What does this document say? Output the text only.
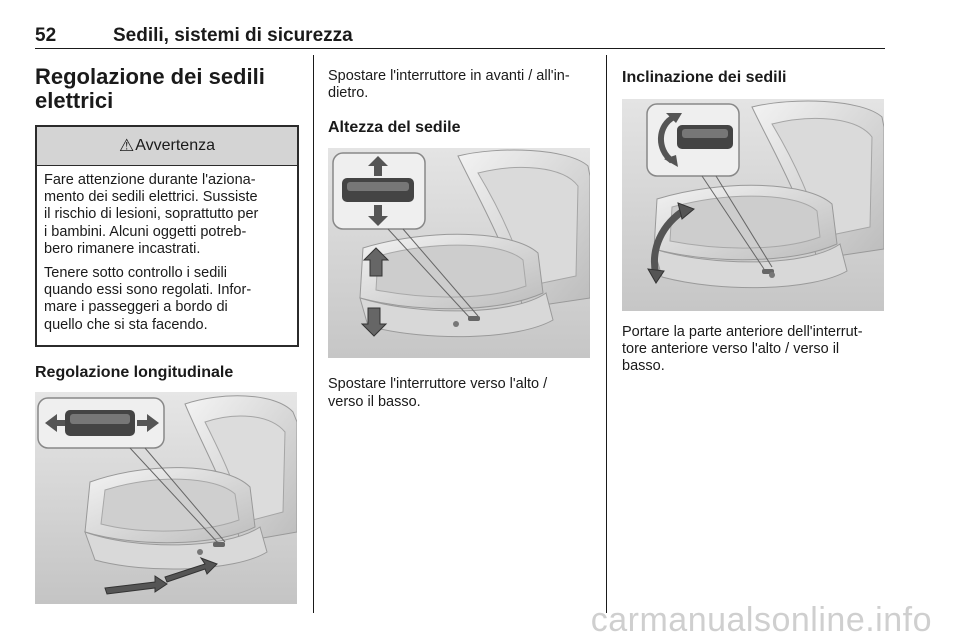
52	Sedili, sistemi di sicurezza
Regolazione dei sedili
elettrici
⚠ Avvertenza

Fare attenzione durante l'aziona-
mento dei sedili elettrici. Sussiste
il rischio di lesioni, soprattutto per
i bambini. Alcuni oggetti potreb-
bero rimanere incastrati.

Tenere sotto controllo i sedili
quando essi sono regolati. Infor-
mare i passeggeri a bordo di
quello che si sta facendo.

Regolazione longitudinale

Spostare l'interruttore in avanti / all'in-
dietro.

Altezza del sedile

Spostare l'interruttore verso l'alto /
verso il basso.

Inclinazione dei sedili

Portare la parte anteriore dell'interrut-
tore anteriore verso l'alto / verso il
basso.

carmanualsonline.info
